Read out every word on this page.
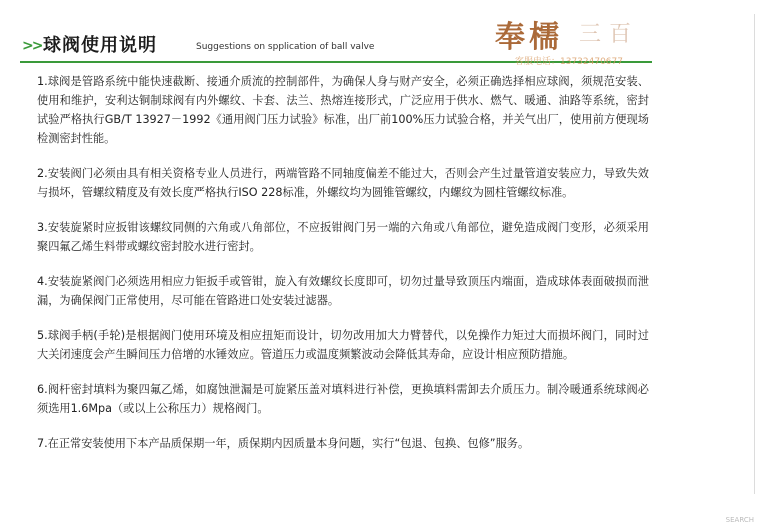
>> 球阀使用说明	Suggestions on spplication of ball valve	奉檽 三百
客服电话：13732470677

1.球阀是管路系统中能快速截断、接通介质流的控制部件，为确保人身与财产安全，必须正确选择相应球阀，须规范安装、使用和维护，安利达铜制球阀有内外螺纹、卡套、法兰、热熔连接形式，广泛应用于供水、燃气、暖通、油路等系统，密封试验严格执行GB/T 13927－1992《通用阀门压力试验》标准，出厂前100%压力试验合格，并关气出厂，使用前方便现场检测密封性能。

2.安装阀门必须由具有相关资格专业人员进行，两端管路不同轴度偏差不能过大，否则会产生过量管道安装应力，导致失效与损坏，管螺纹精度及有效长度严格执行ISO 228标准，外螺纹均为圆锥管螺纹，内螺纹为圆柱管螺纹标准。

3.安装旋紧时应扳钳该螺纹同侧的六角或八角部位，不应扳钳阀门另一端的六角或八角部位，避免造成阀门变形，必须采用聚四氟乙烯生料带或螺纹密封胶水进行密封。

4.安装旋紧阀门必须选用相应力钜扳手或管钳，旋入有效螺纹长度即可，切勿过量导致顶压内端面，造成球体表面破损而泄漏，为确保阀门正常使用，尽可能在管路进口处安装过滤器。

5.球阀手柄(手轮)是根据阀门使用环境及相应扭矩而设计，切勿改用加大力臂替代，以免操作力矩过大而损坏阀门，同时过大关闭速度会产生瞬间压力倍增的水锤效应。管道压力或温度频繁波动会降低其寿命，应设计相应预防措施。

6.阀杆密封填料为聚四氟乙烯，如腐蚀泄漏是可旋紧压盖对填料进行补偿，更换填料需卸去介质压力。制冷暖通系统球阀必须选用1.6Mpa（或以上公称压力）规格阀门。

7.在正常安装使用下本产品质保期一年，质保期内因质量本身问题，实行“包退、包换、包修”服务。

SEARCH
